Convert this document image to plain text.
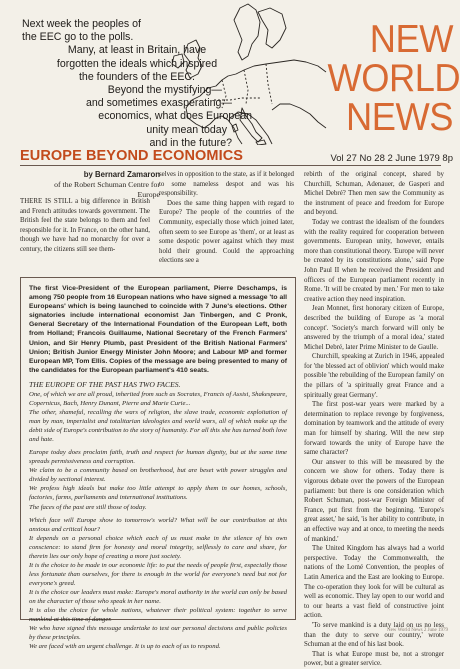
Next week the peoples of
the EEC go to the polls.
Many, at least in Britain, have
forgotten the ideals which inspired
the founders of the EEC.
Beyond the mystifying—
and sometimes exasperating—
economics, what does European
unity mean today
and in the future?
NEW
WORLD
NEWS
Vol 27 No 28 2 June 1979 8p
EUROPE BEYOND ECONOMICS
by Bernard Zamaron
of the Robert Schuman Centre for Europe

THERE IS STILL a big difference in British and French attitudes towards government. The British feel the state belongs to them and feel responsible for it. In France, on the other hand, though we have had no monarchy for over a century, the citizens still see them-

selves in opposition to the state, as if it belonged to some nameless despot and was his responsibility.

Does the same thing happen with regard to Europe? The people of the countries of the Community, especially those which joined later, often seem to see Europe as 'them', or at least as some despotic power against which they must hold their ground. Could the approaching elections see a

rebirth of the original concept, shared by Churchill, Schuman, Adenauer, de Gasperi and Michel Debré? Then men saw the Community as the instrument of peace and freedom for Europe and beyond.

Today we contrast the idealism of the founders with the reality required for cooperation between governments. European unity, however, entails more than constitutional theory. 'Europe will never be created by its constitutions alone,' said Pope John Paul II when he received the President and officers of the European parliament recently in Rome. 'It will be created by men.' For men to take creative action they need inspiration.

Jean Monnet, first honorary citizen of Europe, described the building of Europe as 'a moral concept'. 'Society's march forward will only be answered by the triumph of a moral idea,' stated Michel Debré, later Prime Minister to de Gaulle.

Churchill, speaking at Zurich in 1946, appealed for 'the blessed act of oblivion' which would make possible 'the rebuilding of the European family' on the pillars of 'a spiritually great France and a spiritually great Germany'.

The first post-war years were marked by a determination to replace revenge by forgiveness, domination by teamwork and the attitude of every man for himself by sharing. Will the new step forward towards the unity of Europe have the same character?

Our answer to this will be measured by the concern we show for others. Today there is vigorous debate over the powers of the European parliament: but there is one consideration which Robert Schuman, post-war Foreign Minister of France, put first from the beginning. 'Europe's great asset,' he said, 'is her ability to contribute, in an effective way and at once, to meeting the needs of mankind.'

The United Kingdom has always had a world perspective. Today the Commonwealth, the nations of the Lomé Convention, the peoples of Latin America and the East are looking to Europe. The co-operation they look for will be cultural as well as economic. They lay open to our world and to our hearts a vast field of constructive joint action.

'To serve mankind is a duty laid on us no less than the duty to serve our country,' wrote Schuman at the end of his last book.

That is what Europe must be, not a stronger power, but a greater service.

The first Vice-President of the European parliament, Pierre Deschamps, is among 750 people from 16 European nations who have signed a message 'to all Europeans' which is being launched to coincide with 7 June's elections. Other signatories include international economist Jan Tinbergen, and C Pronk, General Secretary of the International Foundation of the European Left, both from Holland; Francois Guillaume, National Secretary of the French Farmers' Union, and Sir Henry Plumb, past President of the British National Farmers' Union; British Junior Energy Minister John Moore; and Labour MP and former European MP, Tom Ellis. Copies of the message are being presented to many of the candidates for the European parliament's 410 seats.

THE EUROPE OF THE PAST HAS TWO FACES.

One, of which we are all proud, inherited from such as Socrates, Francis of Assisi, Shakespeare, Copernicus, Bach, Henry Dunant, Pierre and Marie Curie...

The other, shameful, recalling the wars of religion, the slave trade, economic exploitation of man by man, imperialist and totalitarian ideologies and world wars, all of which make up the debit side of Europe's contribution to the story of humanity. For all this she has turned both love and hate.

Europe today does proclaim faith, truth and respect for human dignity, but at the same time spreads permissiveness and corruption.

We claim to be a community based on brotherhood, but are beset with power struggles and divided by sectional interest.

We profess high ideals but make too little attempt to apply them in our homes, schools, factories, farms, parliaments and international institutions.

The faces of the past are still those of today.

Which face will Europe show to tomorrow's world? What will be our contribution at this anxious and critical hour?

It depends on a personal choice which each of us must make in the silence of his own conscience: to stand firm for honesty and moral integrity, selflessly to care and share, for therein lies our only hope of creating a more just society.

It is the choice to be made in our economic life: to put the needs of people first, especially those less fortunate than ourselves, for there is enough in the world for everyone's need but not for everyone's greed.

It is the choice our leaders must make: Europe's moral authority in the world can only be based on the character of those who speak in her name.

It is also the choice for whole nations, whatever their political system: together to serve mankind at this time of danger.

We who have signed this message undertake to test our personal decisions and public policies by these principles.

We are faced with an urgent challenge. It is up to each of us to respond.

New World News 2 June 1979
